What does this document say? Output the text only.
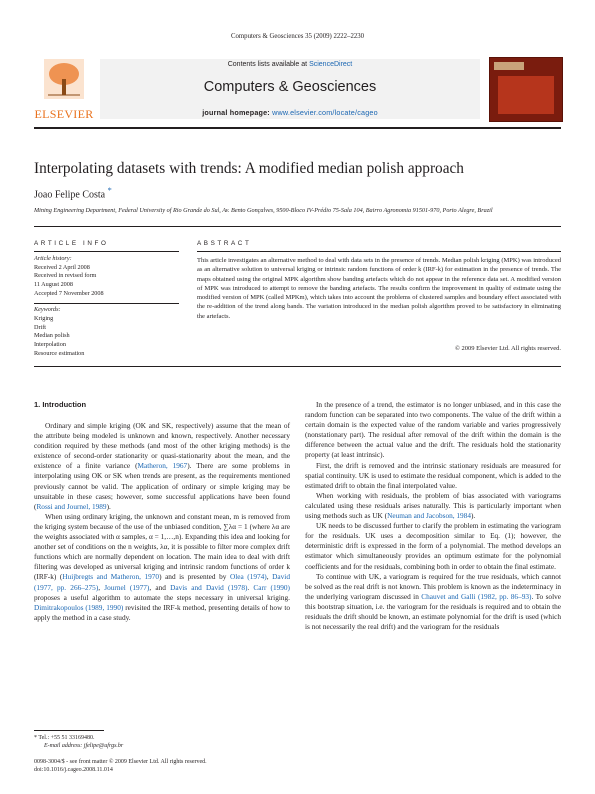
Computers & Geosciences 35 (2009) 2222–2230
ELSEVIER
Contents lists available at ScienceDirect
Computers & Geosciences
journal homepage: www.elsevier.com/locate/cageo
Interpolating datasets with trends: A modified median polish approach
Joao Felipe Costa *
Mining Engineering Department, Federal University of Rio Grande do Sul, Av. Bento Gonçalves, 9500-Bloco IV-Prédio 75-Sala 104, Bairro Agronomia 91501-970, Porto Alegre, Brazil
ARTICLE INFO	ABSTRACT
Article history:
Received 2 April 2008
Received in revised form
11 August 2008
Accepted 7 November 2008
Keywords:
Kriging
Drift
Median polish
Interpolation
Resource estimation
This article investigates an alternative method to deal with data sets in the presence of trends. Median polish kriging (MPK) was introduced as an alternative solution to universal kriging or intrinsic random functions of order k (IRF-k) for estimation in the presence of trends. The maps obtained using the original MPK algorithm show banding artefacts which do not appear in the reference data set. A modified version of MPK was introduced to attempt to remove the banding artefacts. The results confirm the improvement in quality of estimate using the modified version of MPK (called MPKm), which takes into account the problems of clustered samples and boundary effect associated with the re-addition of the trend along bands. The variation introduced in the median polish algorithm proved to be satisfactory in eliminating the artefacts.
© 2009 Elsevier Ltd. All rights reserved.
1. Introduction

Ordinary and simple kriging (OK and SK, respectively) assume that the mean of the attribute being modeled is unknown and known, respectively. Another necessary condition required by these methods (and most of the other kriging methods) is the existence of second-order stationarity or quasi-stationarity about the mean, and the existence of a finite variance (Matheron, 1967). There are some problems in interpolating using OK or SK when trends are present, as the requirements mentioned previously cannot be valid. The application of ordinary or simple kriging may be unsuitable in these cases; however, some successful applications have been found (Rossi and Journel, 1989).

When using ordinary kriging, the unknown and constant mean, m is removed from the kriging system because of the use of the unbiased condition, ∑λα = 1 (where λα are the weights associated with α samples, α = 1,…,n). Expanding this idea and looking for another set of conditions on the n weights, λα, it is possible to filter more complex drift functions which are normally dependent on location. The main idea to deal with drift filtering was developed as universal kriging and intrinsic random functions of order k (IRF-k) (Huijbregts and Matheron, 1970) and is presented by Olea (1974), David (1977, pp. 266–275), Journel (1977), and Davis and David (1978). Carr (1990) proposes a useful algorithm to automate the steps necessary in universal kriging. Dimitrakopoulos (1989, 1990) revisited the IRF-k method, presenting details of how to apply the method in a case study.

In the presence of a trend, the estimator is no longer unbiased, and in this case the random function can be separated into two components. The value of the drift within a certain domain is the expected value of the random variable and varies progressively (nonstationary part). The residual after removal of the drift within the domain is the difference between the actual value and the drift. The residuals hold the stationarity property (at least intrinsic).

First, the drift is removed and the intrinsic stationary residuals are measured for spatial continuity. UK is used to estimate the residual component, which is added to the estimated drift to obtain the final interpolated value.

When working with residuals, the problem of bias associated with variograms calculated using these residuals arises naturally. This is particularly important when using methods such as UK (Neuman and Jacobson, 1984).

UK needs to be discussed further to clarify the problem in estimating the variogram for the residuals. UK uses a decomposition similar to Eq. (1); however, the deterministic drift is expressed in the form of a polynomial. The method develops an estimator which simultaneously provides an optimum estimate for the polynomial coefficients and for the residuals, combining both in order to obtain the final estimate.

To continue with UK, a variogram is required for the true residuals, which cannot be solved as the real drift is not known. This problem is known as the indeterminacy in the underlying variogram discussed in Chauvet and Galli (1982, pp. 86–93). To solve this bootstrap situation, i.e. the variogram for the residuals is required and to obtain the residuals the drift should be known, an estimate polynomial for the drift is used (which is not necessarily the real drift) and the variogram for the residuals

* Tel.: +55 51 33169480.
E-mail address: jfelipe@ufrgs.br
0098-3004/$ - see front matter © 2009 Elsevier Ltd. All rights reserved.
doi:10.1016/j.cageo.2008.11.014
